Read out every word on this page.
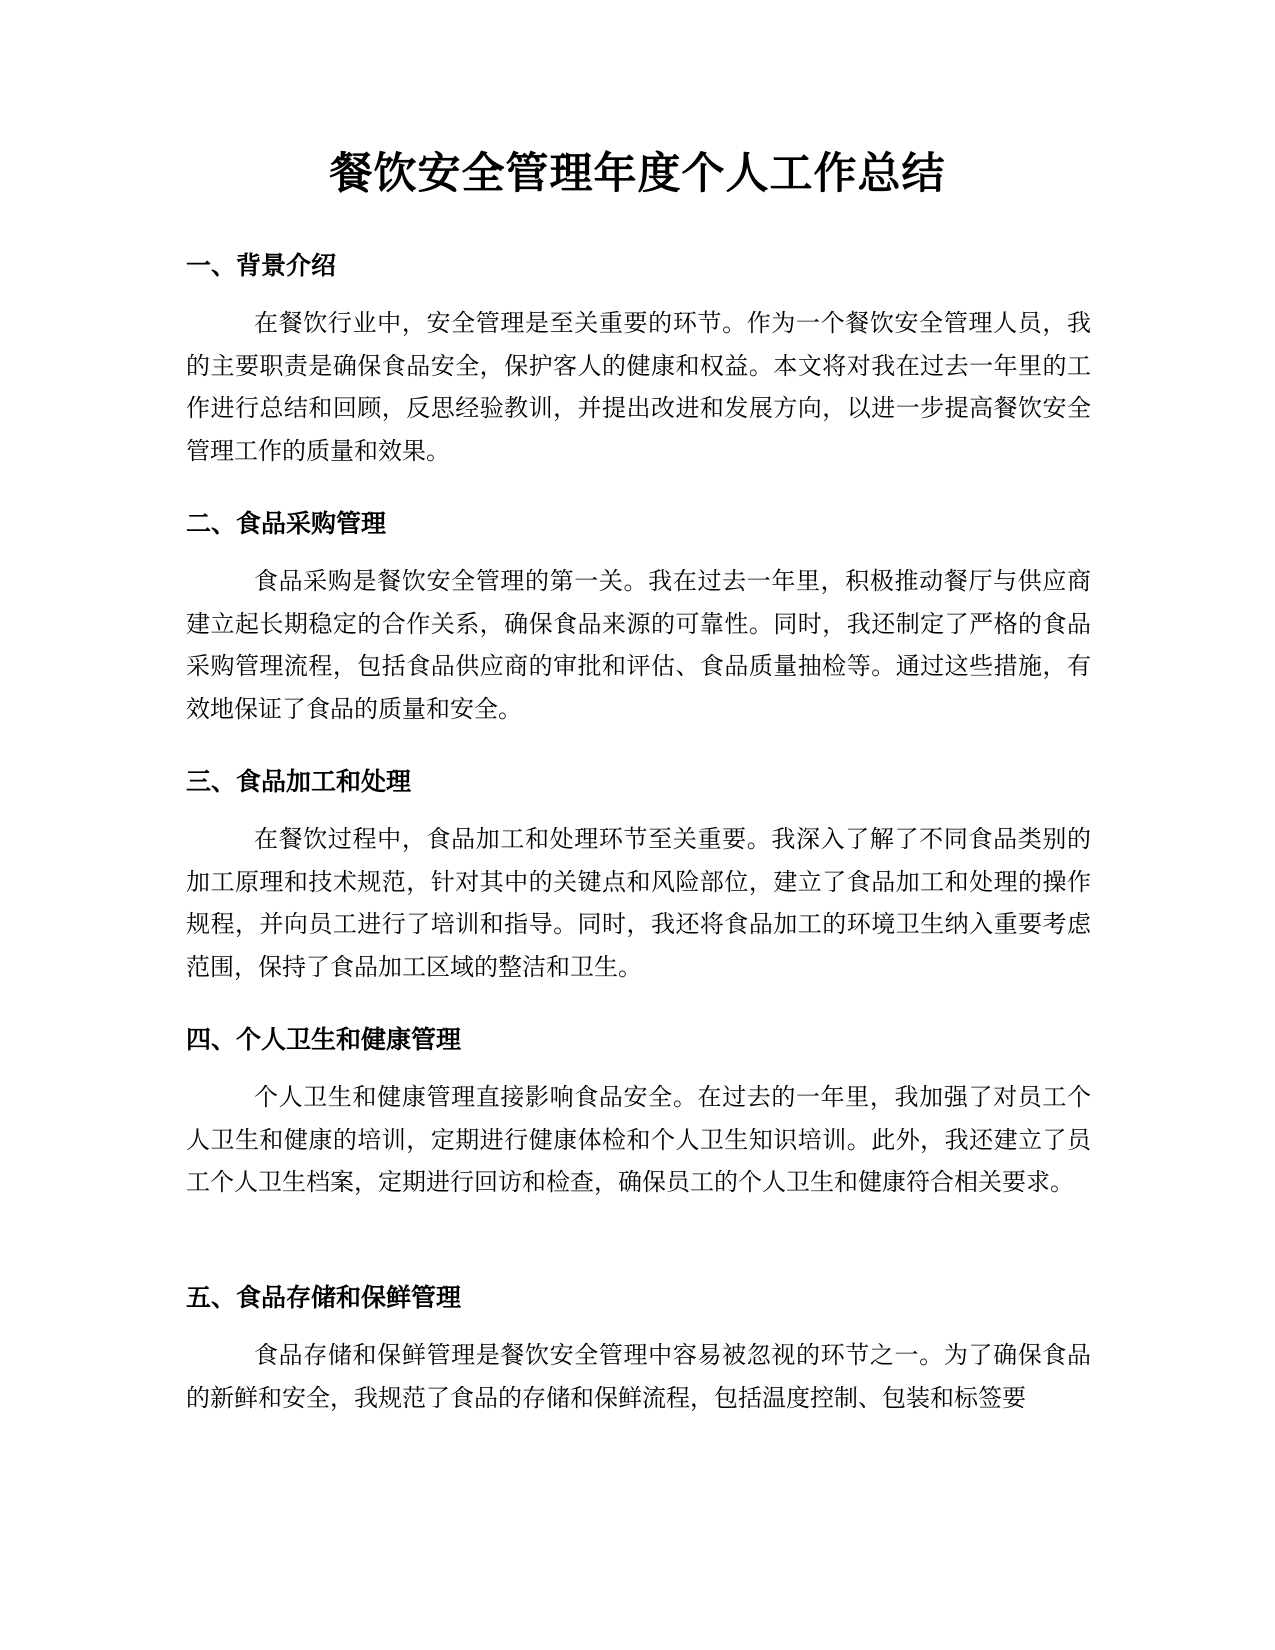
餐饮安全管理年度个人工作总结
一、背景介绍

在餐饮行业中，安全管理是至关重要的环节。作为一个餐饮安全管理人员，我的主要职责是确保食品安全，保护客人的健康和权益。本文将对我在过去一年里的工作进行总结和回顾，反思经验教训，并提出改进和发展方向，以进一步提高餐饮安全管理工作的质量和效果。

二、食品采购管理

食品采购是餐饮安全管理的第一关。我在过去一年里，积极推动餐厅与供应商建立起长期稳定的合作关系，确保食品来源的可靠性。同时，我还制定了严格的食品采购管理流程，包括食品供应商的审批和评估、食品质量抽检等。通过这些措施，有效地保证了食品的质量和安全。

三、食品加工和处理

在餐饮过程中，食品加工和处理环节至关重要。我深入了解了不同食品类别的加工原理和技术规范，针对其中的关键点和风险部位，建立了食品加工和处理的操作规程，并向员工进行了培训和指导。同时，我还将食品加工的环境卫生纳入重要考虑范围，保持了食品加工区域的整洁和卫生。

四、个人卫生和健康管理

个人卫生和健康管理直接影响食品安全。在过去的一年里，我加强了对员工个人卫生和健康的培训，定期进行健康体检和个人卫生知识培训。此外，我还建立了员工个人卫生档案，定期进行回访和检查，确保员工的个人卫生和健康符合相关要求。

五、食品存储和保鲜管理

食品存储和保鲜管理是餐饮安全管理中容易被忽视的环节之一。为了确保食品的新鲜和安全，我规范了食品的存储和保鲜流程，包括温度控制、包装和标签要
